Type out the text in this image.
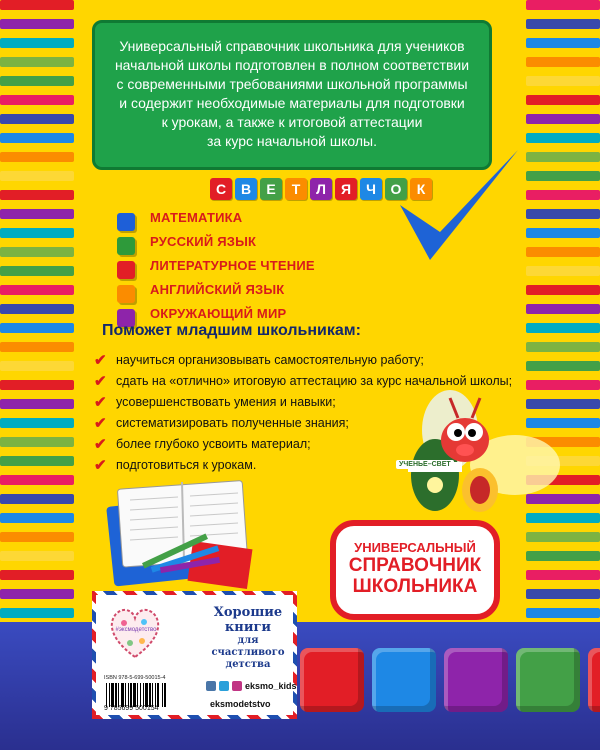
Универсальный справочник школьника для учеников
начальной школы подготовлен в полном соответствии
с современными требованиями школьной программы
и содержит необходимые материалы для подготовки
к урокам, а также к итоговой аттестации
за курс начальной школы.
С	В	Е	Т	Л	Я	Ч	О	К
МАТЕМАТИКА
РУССКИЙ ЯЗЫК
ЛИТЕРАТУРНОЕ ЧТЕНИЕ
АНГЛИЙСКИЙ ЯЗЫК
ОКРУЖАЮЩИЙ МИР
Поможет младшим школьникам:
✔ научиться организовывать самостоятельную работу;
✔ сдать на «отлично» итоговую аттестацию за курс начальной школы;
✔ усовершенствовать умения и навыки;
✔ систематизировать полученные знания;
✔ более глубоко усвоить материал;
✔ подготовиться к урокам.	УЧЕНЬЕ–СВЕТ
УНИВЕРСАЛЬНЫЙ
СПРАВОЧНИК
ШКОЛЬНИКА
#эксмодетство
Хорошие
книги
для счастливого
детства
ISBN 978-5-699-50015-4
9 785699 500154
eksmo_kids
eksmodetstvo
